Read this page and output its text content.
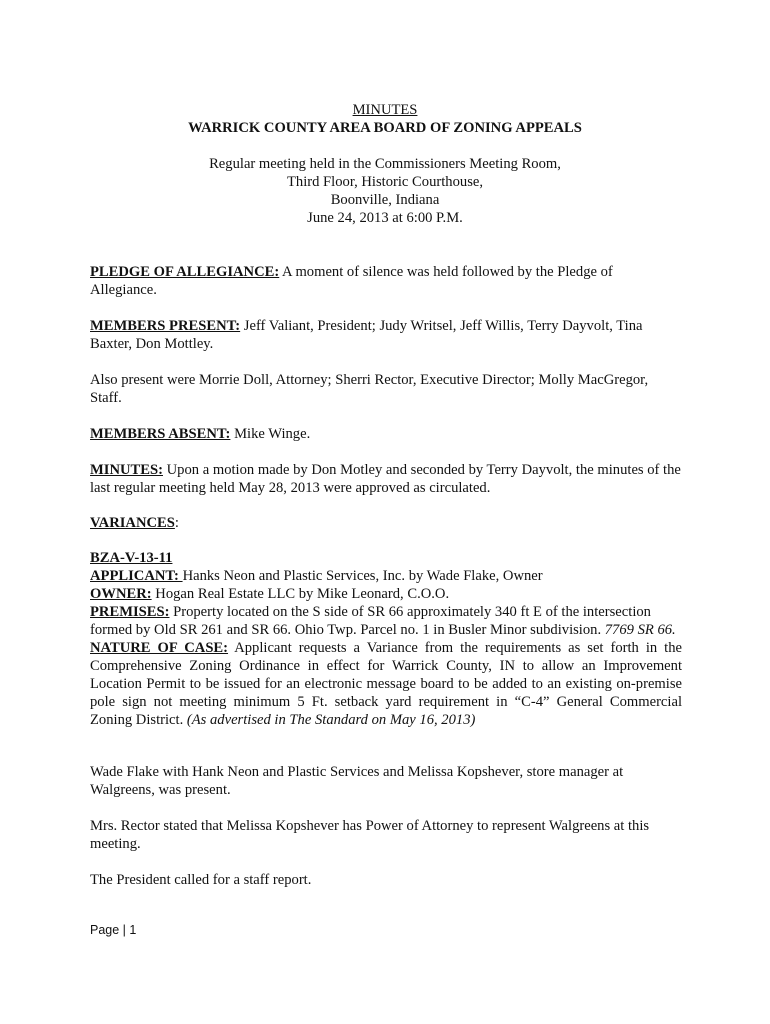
MINUTES
WARRICK COUNTY AREA BOARD OF ZONING APPEALS
Regular meeting held in the Commissioners Meeting Room,
Third Floor, Historic Courthouse,
Boonville, Indiana
June 24, 2013 at 6:00 P.M.
PLEDGE OF ALLEGIANCE: A moment of silence was held followed by the Pledge of Allegiance.
MEMBERS PRESENT: Jeff Valiant, President; Judy Writsel, Jeff Willis, Terry Dayvolt, Tina Baxter, Don Mottley.
Also present were Morrie Doll, Attorney; Sherri Rector, Executive Director; Molly MacGregor, Staff.
MEMBERS ABSENT: Mike Winge.
MINUTES: Upon a motion made by Don Motley and seconded by Terry Dayvolt, the minutes of the last regular meeting held May 28, 2013 were approved as circulated.
VARIANCES:
BZA-V-13-11
APPLICANT: Hanks Neon and Plastic Services, Inc. by Wade Flake, Owner
OWNER: Hogan Real Estate LLC by Mike Leonard, C.O.O.
PREMISES: Property located on the S side of SR 66 approximately 340 ft E of the intersection formed by Old SR 261 and SR 66. Ohio Twp. Parcel no. 1 in Busler Minor subdivision. 7769 SR 66.
NATURE OF CASE: Applicant requests a Variance from the requirements as set forth in the Comprehensive Zoning Ordinance in effect for Warrick County, IN to allow an Improvement Location Permit to be issued for an electronic message board to be added to an existing on-premise pole sign not meeting minimum 5 Ft. setback yard requirement in “C-4” General Commercial Zoning District. (As advertised in The Standard on May 16, 2013)
Wade Flake with Hank Neon and Plastic Services and Melissa Kopshever, store manager at Walgreens, was present.
Mrs. Rector stated that Melissa Kopshever has Power of Attorney to represent Walgreens at this meeting.
The President called for a staff report.
Page | 1
